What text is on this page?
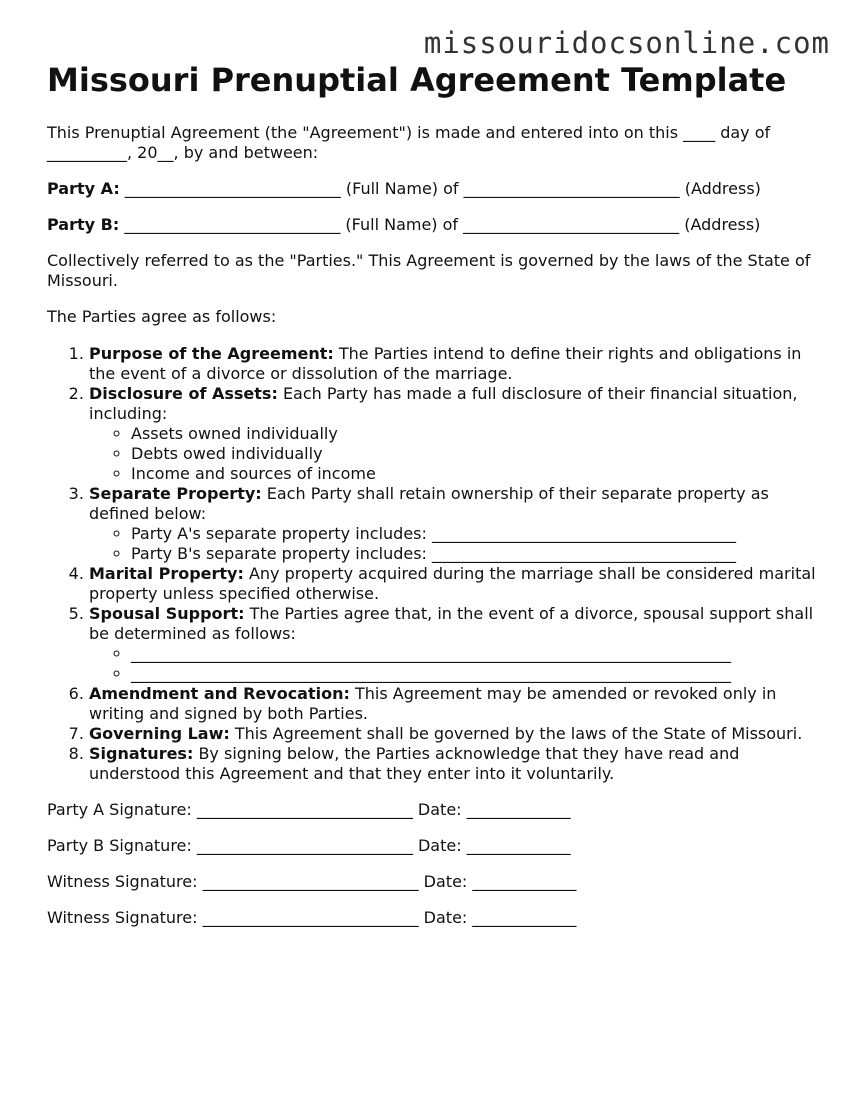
missouridocsonline.com
Missouri Prenuptial Agreement Template

This Prenuptial Agreement (the "Agreement") is made and entered into on this ____ day of __________, 20__, by and between:

Party A: ___________________________ (Full Name) of ___________________________ (Address)

Party B: ___________________________ (Full Name) of ___________________________ (Address)

Collectively referred to as the "Parties." This Agreement is governed by the laws of the State of Missouri.

The Parties agree as follows:

1. Purpose of the Agreement: The Parties intend to define their rights and obligations in the event of a divorce or dissolution of the marriage.
2. Disclosure of Assets: Each Party has made a full disclosure of their financial situation, including:
◦ Assets owned individually
◦ Debts owed individually
◦ Income and sources of income
3. Separate Property: Each Party shall retain ownership of their separate property as defined below:
◦ Party A's separate property includes: ______________________________________
◦ Party B's separate property includes: ______________________________________
4. Marital Property: Any property acquired during the marriage shall be considered marital property unless specified otherwise.
5. Spousal Support: The Parties agree that, in the event of a divorce, spousal support shall be determined as follows:
◦ ___________________________________________________________________________
◦ ___________________________________________________________________________
6. Amendment and Revocation: This Agreement may be amended or revoked only in writing and signed by both Parties.
7. Governing Law: This Agreement shall be governed by the laws of the State of Missouri.
8. Signatures: By signing below, the Parties acknowledge that they have read and understood this Agreement and that they enter into it voluntarily.

Party A Signature: ___________________________ Date: _____________

Party B Signature: ___________________________ Date: _____________

Witness Signature: ___________________________ Date: _____________

Witness Signature: ___________________________ Date: _____________
